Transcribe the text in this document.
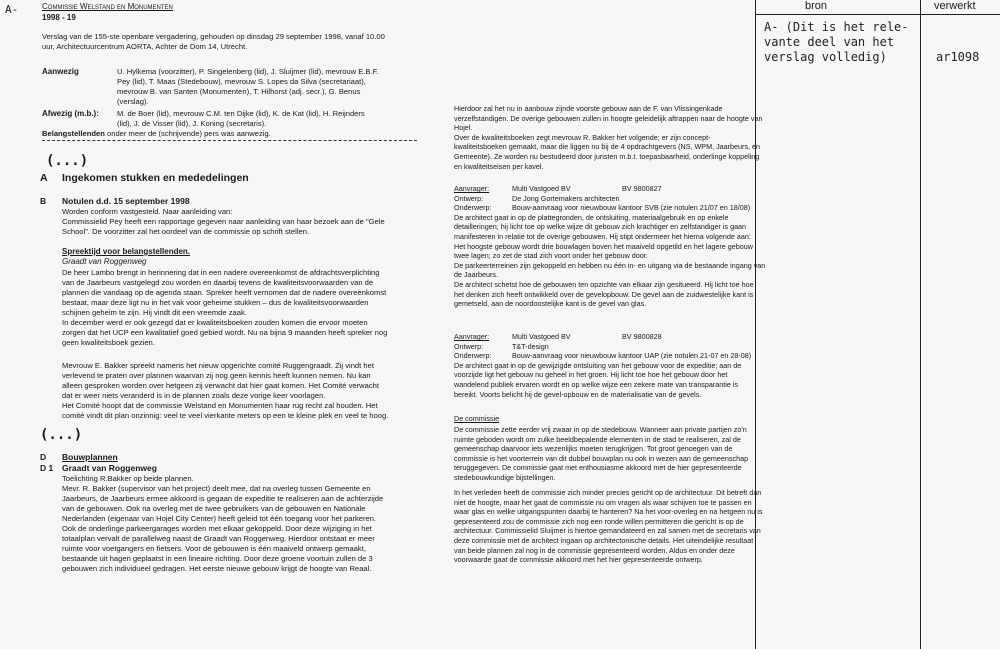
bron	verwerkt
A- (Dit is het rele-
vante deel van het
verslag volledig)	ar1098
A-	Commissie Welstand en Monumenten
1998 - 19
Verslag van de 155-ste openbare vergadering, gehouden op dinsdag 29 september 1998, vanaf 10.00
uur, Architectuurcentrum AORTA, Achter de Dom 14, Utrecht.
Aanwezig	U. Hylkema (voorzitter), P. Singelenberg (lid), J. Sluijmer (lid), mevrouw E.B.F.
Pey (lid), T. Maas (Stedebouw), mevrouw S. Lopes da Silva (secretariaat),
mevrouw B. van Santen (Monumenten), T. Hilhorst (adj. secr.), G. Benus
(verslag).
Afwezig (m.b.): M. de Boer (lid), mevrouw C.M. ten Dijke (lid), K. de Kat (lid), H. Reijnders
(lid), J. de Visser (lid), J. Koning (secretaris).
Belangstellenden onder meer de (schrijvende) pers was aanwezig.
(...)
A Ingekomen stukken en mededelingen
B Notulen d.d. 15 september 1998
Worden conform vastgesteld. Naar aanleiding van:
Commissielid Pey heeft een rapportage gegeven naar aanleiding van haar bezoek aan de "Gele
School". De voorzitter zal het oordeel van de commissie op schrift stellen.
Spreektijd voor belangstellenden.
Graadt van Roggenweg
De heer Lambo brengt in herinnering dat in een nadere overeenkomst de afdrachtsverplichting
van de Jaarbeurs vastgelegd zou worden en daarbij tevens de kwaliteitsvoorwaarden van de
plannen die vandaag op de agenda staan. Spreker heeft vernomen dat de nadere overeenkomst
bestaat, maar deze ligt nu in het vak voor geheime stukken – dus de kwaliteitsvoorwaarden
schijnen geheim te zijn. Hij vindt dit een vreemde zaak.
In december werd er ook gezegd dat er kwaliteitsboeken zouden komen die ervoor moeten
zorgen dat het UCP een kwalitatief goed gebied wordt. Nu na bijna 9 maanden heeft spreker nog
geen kwaliteitsboek gezien.
Mevrouw E. Bakker spreekt namens het nieuw opgerichte comité Ruggengraadt. Zij vindt het
verlevend te praten over plannen waarvan zij nog geen kennis heeft kunnen nemen. Nu kan
alleen gesproken worden over hetgeen zij verwacht dat hier gaat komen. Het Comité verwacht
dat er weer niets veranderd is in de plannen zoals deze vorige keer voorlagen.
Het Comité hoopt dat de commissie Welstand en Monumenten haar rug recht zal houden. Het
comité vindt dit plan onzinnig: veel te veel vierkante meters op een te kleine plek en veel te hoog.
(...)
D Bouwplannen
D 1 Graadt van Roggenweg
Toelichting R.Bakker op beide plannen.
Mevr. R. Bakker (supervisor van het project) deelt mee, dat na overleg tussen Gemeente en
Jaarbeurs, de Jaarbeurs ermee akkoord is gegaan de expeditie te realiseren aan de achterzijde
van de gebouwen. Ook na overleg met de twee gebruikers van de gebouwen en Nationale
Nederlanden (eigenaar van Hojel City Center) heeft geleid tot één toegang voor het parkeren.
Ook de onderlinge parkeergarages worden met elkaar gekoppeld. Door deze wijziging in het
totaalplan vervalt de parallelweg naast de Graadt van Roggenweg. Hierdoor ontstaat er meer
ruimte voor voetgangers en fietsers. Voor de gebouwen is één maaiveld ontwerp gemaakt,
bestaande uit hagen geplaatst in een lineaire richting. Door deze groene voortuin zullen de 3
gebouwen zich individueel gedragen. Het eerste nieuwe gebouw krijgt de hoogte van Reaal.
Hierdoor zal het nu in aanbouw zijnde voorste gebouw aan de F. van Vlissingenkade
verzelfstandigen. De overige gebouwen zullen in hoogte geleidelijk aftrappen naar de hoogte van
Hojel.
Over de kwaliteitsboeken zegt mevrouw R. Bakker het volgende; er zijn concept-
kwaliteitsboeken gemaakt, maar die liggen nu bij de 4 opdrachtgevers (NS, WPM, Jaarbeurs, en
Gemeente). Ze worden nu bestudeerd door juristen m.b.t. toepasbaarheid, onderlinge koppeling
en kwaliteitseisen per kavel.
Aanvrager:	Multi Vastgoed BV	BV 9800827
Ontwerp:	De Jong Gortemakers architecten
Onderwerp:	Bouw-aanvraag voor nieuwbouw kantoor SVB (zie notulen 21/07 en 18/08)

De architect gaat in op de plattegronden, de ontsluiting, materiaalgebruik en op enkele
detailleringen; hij licht toe op welke wijze dit gebouw zich krachtiger en zelfstandiger is gaan
manifesteren in relatie tot de overige gebouwen. Hij stipt ondermeer het hierna volgende aan:
Het hoogste gebouw wordt drie bouwlagen boven het maaiveld opgetild en het lagere gebouw
twee lagen; zo zet de stad zich voort onder het gebouw door.
De parkeerterreinen zijn gekoppeld en hebben nu één in- en uitgang via de bestaande ingang van
de Jaarbeurs.
De architect schetst hoe de gebouwen ten opzichte van elkaar zijn gesitueerd. Hij licht toe hoe
het denken zich heeft ontwikkeld over de gevelopbouw. De gevel aan de zuidwestelijke kant is
gemetseld, aan de noordoostelijke kant is de gevel van glas.

Aanvrager:	Multi Vastgoed BV	BV 9800828
Ontwerp:	T&T-design
Onderwerp:	Bouw-aanvraag voor nieuwbouw kantoor UAP (zie notulen 21-07 en 28-08)

De architect gaat in op de gewijzigde ontsluiting van het gebouw voor de expeditie; aan de
voorzijde ligt het gebouw nu geheel in het groen. Hij licht toe hoe het gebouw door het
wandelend publiek ervaren wordt en op welke wijze een zekere mate van transparantie is
bereikt. Voorts belicht hij de gevel-opbouw en de materialisatie van de gevels.

De commissie
De commissie zette eerder vrij zwaar in op de stedebouw. Wanneer aan private partijen zo'n
ruimte geboden wordt om zulke beeldbepalende elementen in de stad te realiseren, zal de
gemeenschap daarvoor iets wezenlijks moeten terugkrijgen. Tot groot genoegen van de
commissie is het voorterrein van dit dubbel bouwplan nu ook in wezen aan de gemeenschap
teruggegeven. De commissie gaat met enthousiasme akkoord met de hier gepresenteerde
stedebouwkundige bijstellingen.
In het verleden heeft de commissie zich minder precies gericht op de architectuur. Dit betreft dan
niet de hoogte, maar het gaat de commissie nu om vragen als waar schijven toe te passen en
waar glas en welke uitgangspunten daarbij te hanteren? Na het voor-overleg en na hetgeen nu is
gepresenteerd zou de commissie zich nog een ronde willen permitteren die gericht is op de
architectuur. Commissielid Sluijmer is hiertoe gemandateerd en zal samen met de secretaris van
deze commissie met de architect ingaan op architectonische details. Het uiteindelijke resultaat
van beide plannen zal nog in de commissie gepresenteerd worden. Aldus en onder deze
voorwaarde gaat de commissie akkoord met het hier gepresenteerde ontwerp.
